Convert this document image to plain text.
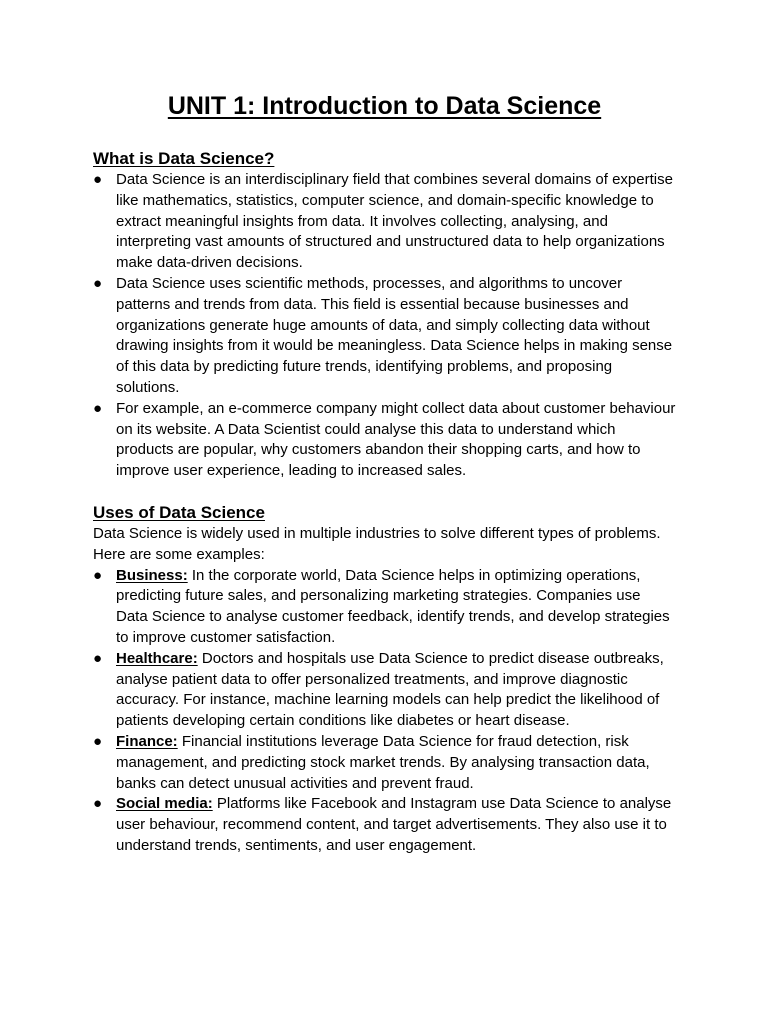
UNIT 1: Introduction to Data Science
What is Data Science?
● Data Science is an interdisciplinary field that combines several domains of expertise like mathematics, statistics, computer science, and domain-specific knowledge to extract meaningful insights from data. It involves collecting, analysing, and interpreting vast amounts of structured and unstructured data to help organizations make data-driven decisions.
● Data Science uses scientific methods, processes, and algorithms to uncover patterns and trends from data. This field is essential because businesses and organizations generate huge amounts of data, and simply collecting data without drawing insights from it would be meaningless. Data Science helps in making sense of this data by predicting future trends, identifying problems, and proposing solutions.
● For example, an e-commerce company might collect data about customer behaviour on its website. A Data Scientist could analyse this data to understand which products are popular, why customers abandon their shopping carts, and how to improve user experience, leading to increased sales.
Uses of Data Science

Data Science is widely used in multiple industries to solve different types of problems. Here are some examples:

● Business: In the corporate world, Data Science helps in optimizing operations, predicting future sales, and personalizing marketing strategies. Companies use Data Science to analyse customer feedback, identify trends, and develop strategies to improve customer satisfaction.
● Healthcare: Doctors and hospitals use Data Science to predict disease outbreaks, analyse patient data to offer personalized treatments, and improve diagnostic accuracy. For instance, machine learning models can help predict the likelihood of patients developing certain conditions like diabetes or heart disease.
● Finance: Financial institutions leverage Data Science for fraud detection, risk management, and predicting stock market trends. By analysing transaction data, banks can detect unusual activities and prevent fraud.
● Social media: Platforms like Facebook and Instagram use Data Science to analyse user behaviour, recommend content, and target advertisements. They also use it to understand trends, sentiments, and user engagement.
